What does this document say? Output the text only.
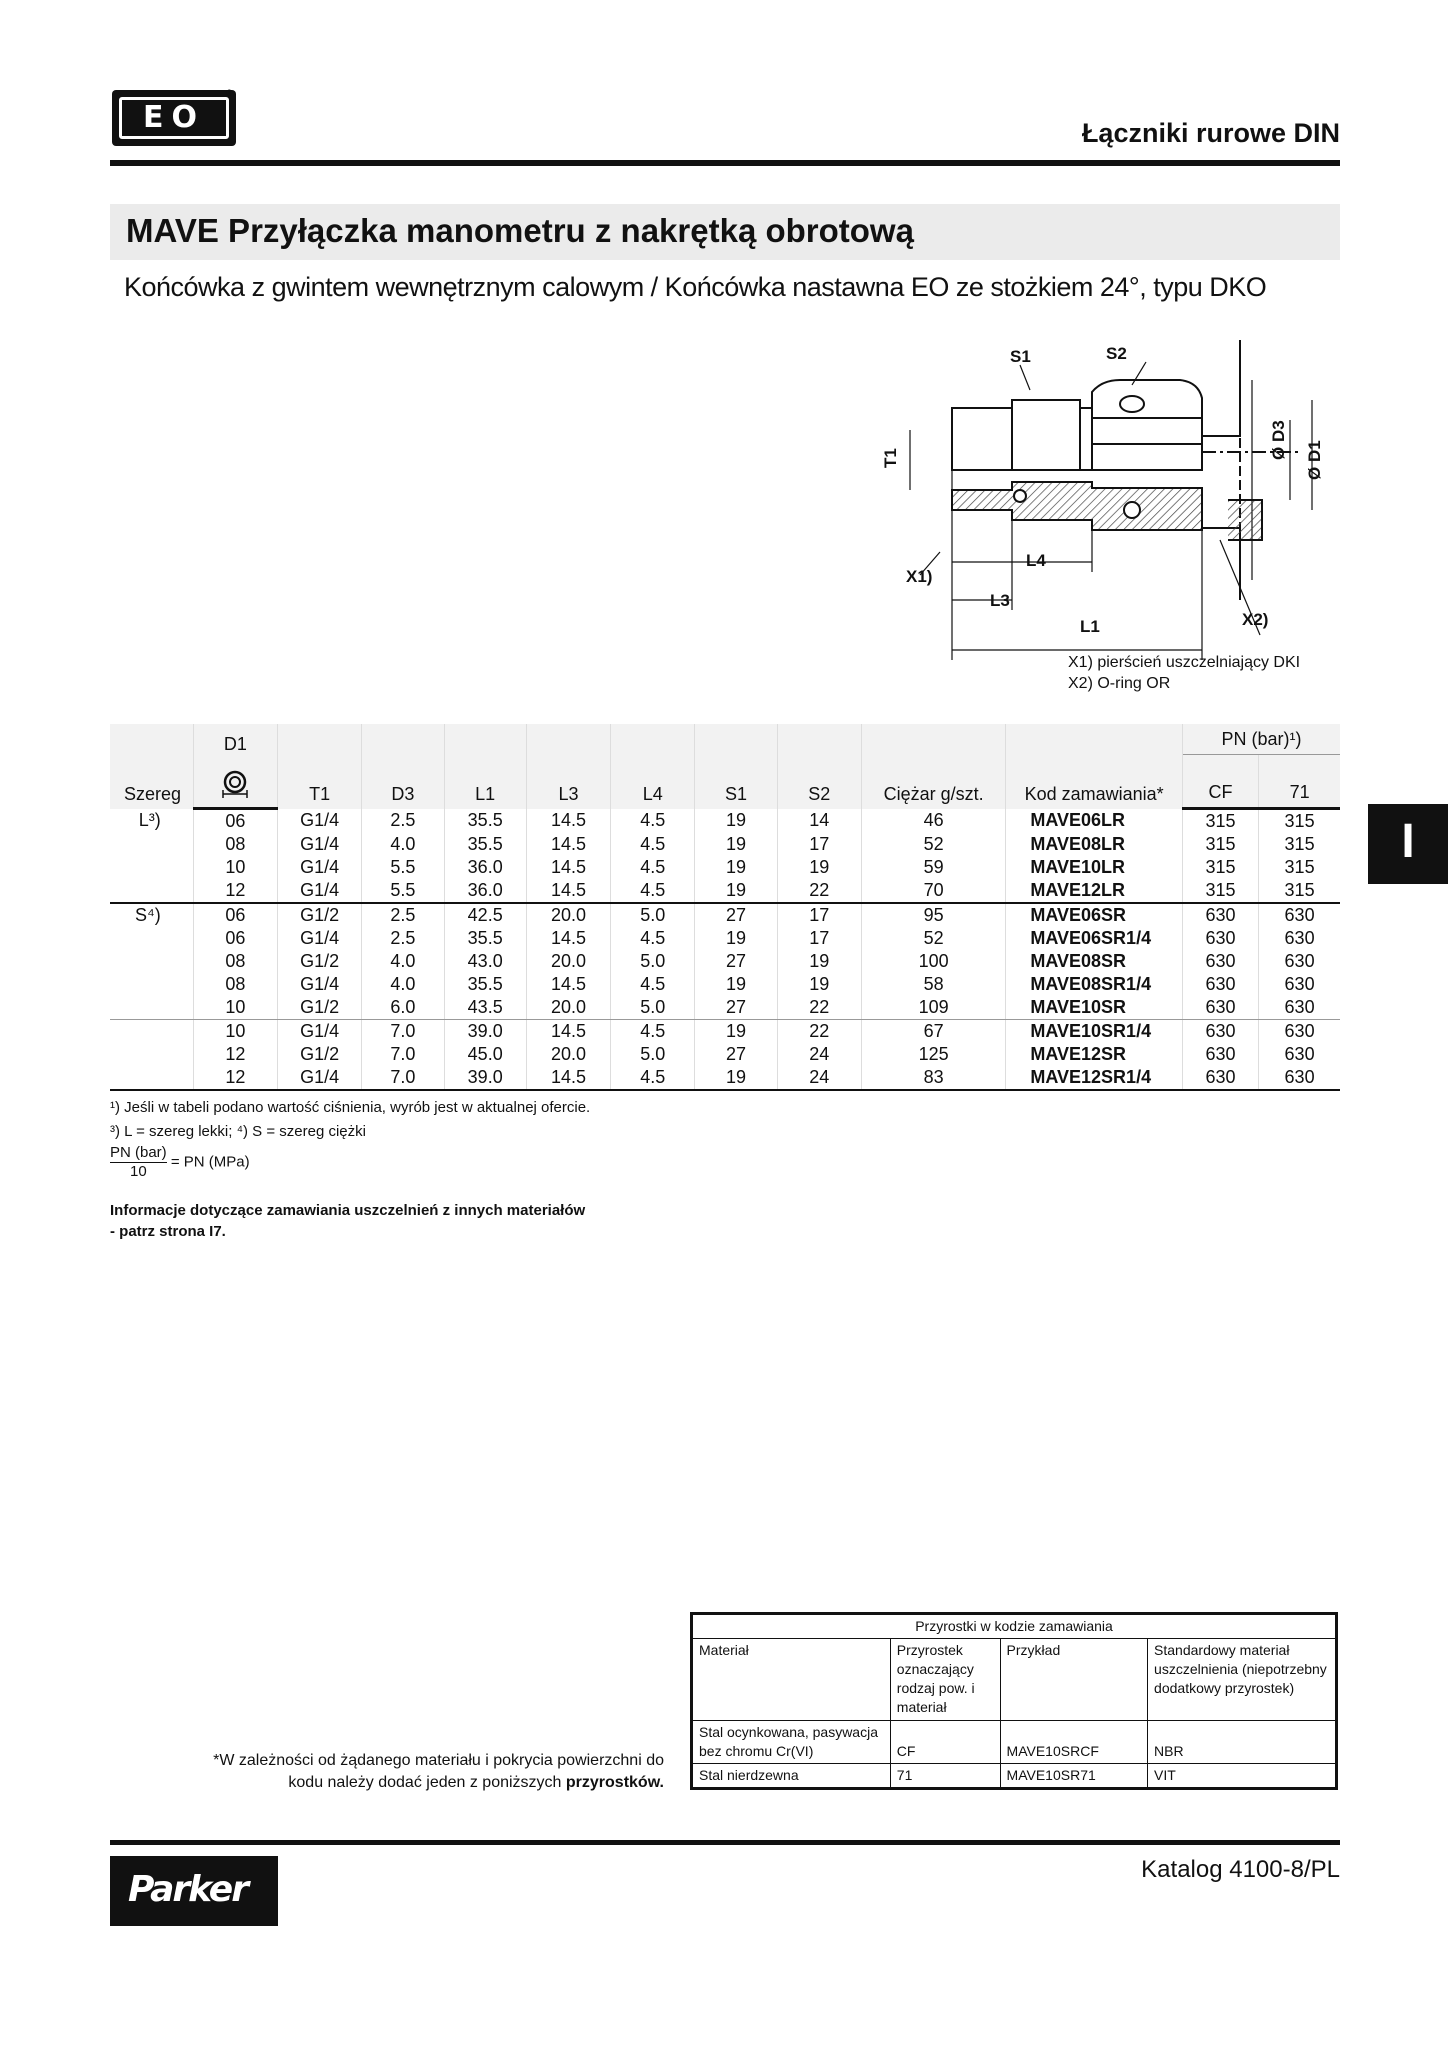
EO
®
Łączniki rurowe DIN
MAVE Przyłączka manometru z nakrętką obrotową
Końcówka z gwintem wewnętrznym calowym / Końcówka nastawna EO ze stożkiem 24°, typu DKO
S1	S2
T1	Ø D3
Ø D1
L4
L3
L1
X1)
X2)
X1) pierścień uszczelniający DKI
X2) O-ring OR
Szereg	D1	T1	D3	L1	L3	L4	S1	S2	Ciężar g/szt.	Kod zamawiania*	PN (bar)¹)	
	CF	71
L³)	06	G1/4	2.5	35.5	14.5	4.5	19	14	46	MAVE06LR	315	315
	08	G1/4	4.0	35.5	14.5	4.5	19	17	52	MAVE08LR	315	315
	10	G1/4	5.5	36.0	14.5	4.5	19	19	59	MAVE10LR	315	315
	12	G1/4	5.5	36.0	14.5	4.5	19	22	70	MAVE12LR	315	315
S⁴)	06	G1/2	2.5	42.5	20.0	5.0	27	17	95	MAVE06SR	630	630
	06	G1/4	2.5	35.5	14.5	4.5	19	17	52	MAVE06SR1/4	630	630
	08	G1/2	4.0	43.0	20.0	5.0	27	19	100	MAVE08SR	630	630
	08	G1/4	4.0	35.5	14.5	4.5	19	19	58	MAVE08SR1/4	630	630
	10	G1/2	6.0	43.5	20.0	5.0	27	22	109	MAVE10SR	630	630
	10	G1/4	7.0	39.0	14.5	4.5	19	22	67	MAVE10SR1/4	630	630
	12	G1/2	7.0	45.0	20.0	5.0	27	24	125	MAVE12SR	630	630
	12	G1/4	7.0	39.0	14.5	4.5	19	24	83	MAVE12SR1/4	630	630
¹) Jeśli w tabeli podano wartość ciśnienia, wyrób jest w aktualnej ofercie.
³) L = szereg lekki; ⁴) S = szereg ciężki
$\frac{\text{PN (bar)}}{10}$ = PN (MPa)
Informacje dotyczące zamawiania uszczelnień z innych materiałów
- patrz strona I7.
*W zależności od żądanego materiału i pokrycia powierzchni do
kodu należy dodać jeden z poniższych przyrostków.
Przyrostki w kodzie zamawiania			
Materiał	Przyrostek oznaczający rodzaj pow. i materiał	Przykład	Standardowy materiał uszczelnienia (niepotrzebny dodatkowy przyrostek)
Stal ocynkowana, pasywacja bez chromu Cr(VI)	CF	MAVE10SRCF	NBR
Stal nierdzewna	71	MAVE10SR71	VIT
Parker	Katalog 4100-8/PL
I
